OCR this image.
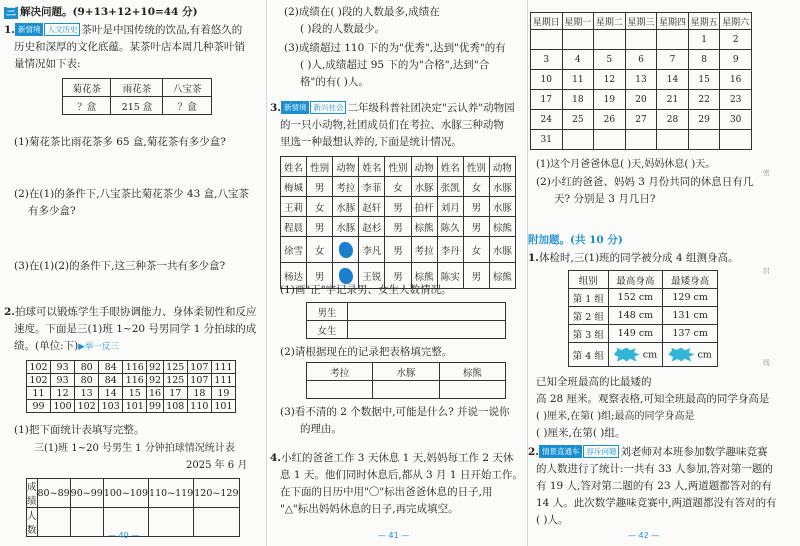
三 解决问题。(9+13+12+10=44 分)
1. 新情境 人文历史 茶叶是中国传统的饮品,有着悠久的
历史和深厚的文化底蕴。某茶叶店本周几种茶叶销
量情况如下表:
菊花茶	雨花茶	八宝茶
？盒	215 盒	？盒
(1)菊花茶比雨花茶多 65 盒,菊花茶有多少盒?
(2)在(1)的条件下,八宝茶比菊花茶少 43 盒,八宝茶
有多少盒?
(3)在(1)(2)的条件下,这三种茶一共有多少盒?
2.拍球可以锻炼学生手眼协调能力、身体柔韧性和反应
速度。下面是三(1)班 1~20 号男同学 1 分拍球的成
绩。(单位:下)▶举一反三
102	93	80	84	116	92	125	107	111
102	93	80	84	116	92	125	107	111
11	12	13	14	15	16	17	18	19
99	100	102	103	101	99	108	110	101
(1)把下面统计表填写完整。
三(1)班 1~20 号男生 1 分钟拍球情况统计表
2025 年 6 月
成绩	80~89	90~99	100~109	110~119	120~129
人数						— 40 —
(2)成绩在( )段的人数最多,成绩在
( )段的人数最少。
(3)成绩超过 110 下的为"优秀",达到"优秀"的有
( )人,成绩超过 95 下的为"合格",达到"合
格"的有( )人。
3. 新情境 新兴社会 二年级科普社团决定"云认养"动物园
的一只小动物,社团成员们在考拉、水豚三种动物
里选一种最想认养的,下面是统计情况。
姓名	性别	动物	姓名	性别	动物	姓名	性别	动物
梅城	男	考拉	李菲	女	水豚	张凯	女	水豚
王莉	女	水豚	赵轩	男	拍杆	刘月	男	水豚
程晨	男	水豚	赵杉	男	棕熊	陈久	男	棕熊
徐雪	女		李凡	男	考拉	李丹	女	水豚
杨达	男		王锐	男	棕熊	陈实	男	棕熊
(1)画"正"字记录男、女生人数情况。
男生	
女生	
(2)请根据现在的记录把表格填完整。
考拉	水豚	棕熊

(3)看不清的 2 个数据中,可能是什么? 并说一说你
的理由。
4.小红的爸爸工作 3 天休息 1 天,妈妈每工作 2 天休
息 1 天。他们同时休息后,都从 3 月 1 日开始工作。
在下面的日历中用"〇"标出爸爸休息的日子,用
"△"标出妈妈休息的日子,再完成填空。
— 41 —
星期日	星期一	星期二	星期三	星期四	星期五	星期六
					1	2
3	4	5	6	7	8	9
10	11	12	13	14	15	16
17	18	19	20	21	22	23
24	25	26	27	28	29	30
31						
(1)这个月爸爸休息( )天,妈妈休息( )天。
(2)小红的爸爸、妈妈 3 月份共同的休息日有几
天? 分别是 3 月几日?
附加题。(共 10 分)
1.体检时,三(1)班的同学被分成 4 组测身高。
组别	最高身高	最矮身高
第 1 组	152 cm	129 cm
第 2 组	148 cm	131 cm
第 3 组	149 cm	137 cm
第 4 组	cm	cm
已知全班最高的比最矮的
高 28 厘米。观察表格,可知全班最高的同学身高是
( )厘米,在第( )组;最高的同学身高是
( )厘米,在第( )组。
2. 情景直通车 容斥问题 刘老师对本班参加数学趣味竞赛
的人数进行了统计:一共有 33 人参加,答对第一题的
有 19 人,答对第二题的有 23 人,两道题都答对的有
14 人。此次数学趣味竞赛中,两道题都没有答对的有
( )人。
密
封
线
— 42 —
